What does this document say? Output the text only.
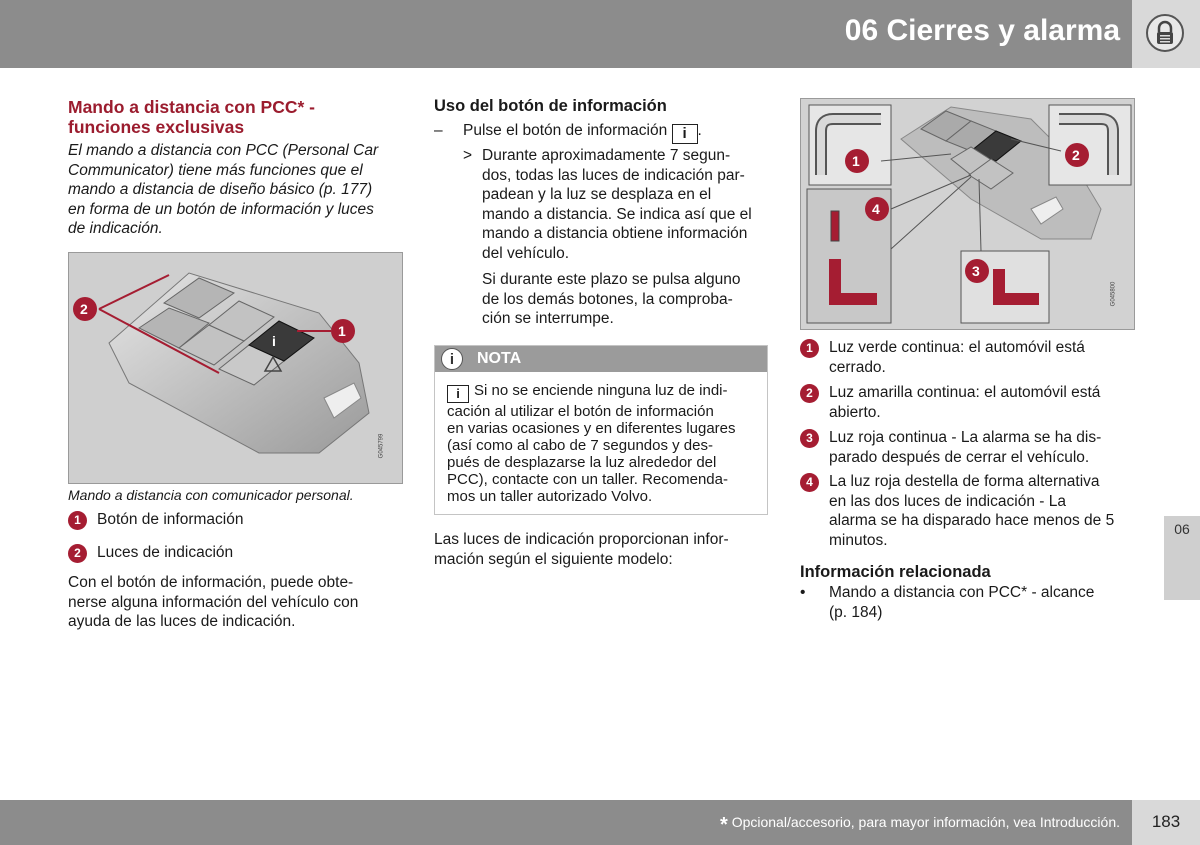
06 Cierres y alarma
Mando a distancia con PCC* -
funciones exclusivas
El mando a distancia con PCC (Personal Car
Communicator) tiene más funciones que el
mando a distancia de diseño básico (p. 177)
en forma de un botón de información y luces
de indicación.
i
2
1
G045799
Mando a distancia con comunicador personal.
1 Botón de información
2 Luces de indicación
Con el botón de información, puede obte-
nerse alguna información del vehículo con
ayuda de las luces de indicación.
Uso del botón de información
– Pulse el botón de información i .
> Durante aproximadamente 7 segun-
dos, todas las luces de indicación par-
padean y la luz se desplaza en el
mando a distancia. Se indica así que el
mando a distancia obtiene información
del vehículo.
Si durante este plazo se pulsa alguno
de los demás botones, la comproba-
ción se interrumpe.
i	NOTA
i Si no se enciende ninguna luz de indi-
cación al utilizar el botón de información
en varias ocasiones y en diferentes lugares
(así como al cabo de 7 segundos y des-
pués de desplazarse la luz alrededor del
PCC), contacte con un taller. Recomenda-
mos un taller autorizado Volvo.
Las luces de indicación proporcionan infor-
mación según el siguiente modelo:
1	2
3
4
G045800
1 Luz verde continua: el automóvil está
cerrado.
2 Luz amarilla continua: el automóvil está
abierto.
3 Luz roja continua - La alarma se ha dis-
parado después de cerrar el vehículo.
4 La luz roja destella de forma alternativa
en las dos luces de indicación - La
alarma se ha disparado hace menos de 5
minutos.
Información relacionada
• Mando a distancia con PCC* - alcance
(p. 184)
06
* Opcional/accesorio, para mayor información, vea Introducción.	183
